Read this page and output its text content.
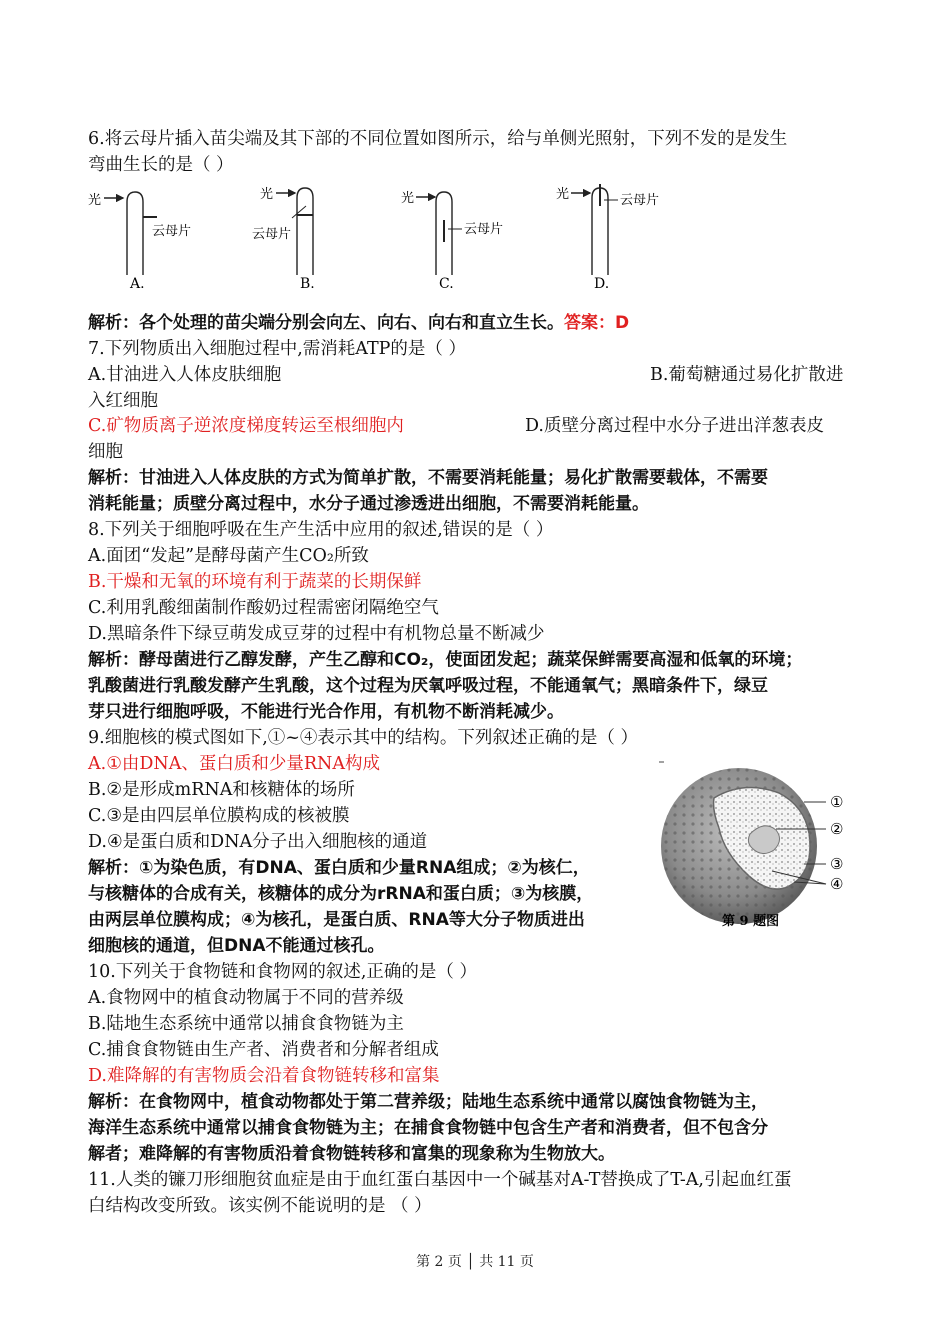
6.将云母片插入苗尖端及其下部的不同位置如图所示，给与单侧光照射，下列不发的是发生
弯曲生长的是（ ）
光
云母片
A.
光
云母片
B.
光
云母片
C.
光	云母片
D.
解析：各个处理的苗尖端分别会向左、向右、向右和直立生长。答案：D
7.下列物质出入细胞过程中,需消耗ATP的是（ ）
A.甘油进入人体皮肤细胞	B.葡萄糖通过易化扩散进
入红细胞
C.矿物质离子逆浓度梯度转运至根细胞内	D.质壁分离过程中水分子进出洋葱表皮
细胞
解析：甘油进入人体皮肤的方式为简单扩散，不需要消耗能量；易化扩散需要载体，不需要
消耗能量；质壁分离过程中，水分子通过渗透进出细胞，不需要消耗能量。
8.下列关于细胞呼吸在生产生活中应用的叙述,错误的是（ ）
A.面团“发起”是酵母菌产生CO₂所致
B.干燥和无氧的环境有利于蔬菜的长期保鲜
C.利用乳酸细菌制作酸奶过程需密闭隔绝空气
D.黑暗条件下绿豆萌发成豆芽的过程中有机物总量不断减少
解析：酵母菌进行乙醇发酵，产生乙醇和CO₂，使面团发起；蔬菜保鲜需要高湿和低氧的环境；
乳酸菌进行乳酸发酵产生乳酸，这个过程为厌氧呼吸过程，不能通氧气；黑暗条件下，绿豆
芽只进行细胞呼吸，不能进行光合作用，有机物不断消耗减少。
9.细胞核的模式图如下,①~④表示其中的结构。下列叙述正确的是（ ）
A.①由DNA、蛋白质和少量RNA构成
B.②是形成mRNA和核糖体的场所
C.③是由四层单位膜构成的核被膜
D.④是蛋白质和DNA分子出入细胞核的通道
解析：①为染色质，有DNA、蛋白质和少量RNA组成；②为核仁，
与核糖体的合成有关，核糖体的成分为rRNA和蛋白质；③为核膜，
由两层单位膜构成；④为核孔，是蛋白质、RNA等大分子物质进出
细胞核的通道，但DNA不能通过核孔。
①
②
③
④
第 9 题图
10.下列关于食物链和食物网的叙述,正确的是（ ）
A.食物网中的植食动物属于不同的营养级
B.陆地生态系统中通常以捕食食物链为主
C.捕食食物链由生产者、消费者和分解者组成
D.难降解的有害物质会沿着食物链转移和富集
解析：在食物网中，植食动物都处于第二营养级；陆地生态系统中通常以腐蚀食物链为主，
海洋生态系统中通常以捕食食物链为主；在捕食食物链中包含生产者和消费者，但不包含分
解者；难降解的有害物质沿着食物链转移和富集的现象称为生物放大。
11.人类的镰刀形细胞贫血症是由于血红蛋白基因中一个碱基对A-T替换成了T-A,引起血红蛋
白结构改变所致。该实例不能说明的是 （ ）
第 2 页 │ 共 11 页
